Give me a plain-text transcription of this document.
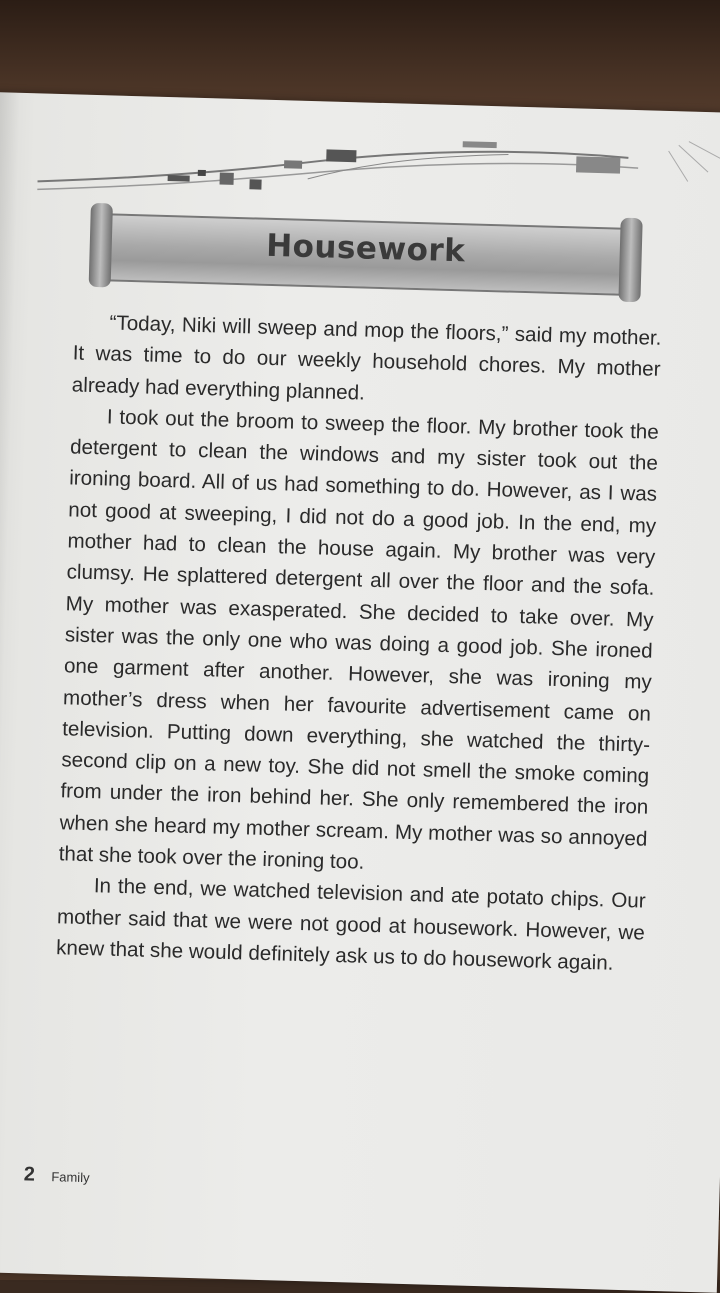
Housework

“Today, Niki will sweep and mop the floors,” said my mother. It was time to do our weekly household chores. My mother already had everything planned.

I took out the broom to sweep the floor. My brother took the detergent to clean the windows and my sister took out the ironing board. All of us had something to do. However, as I was not good at sweeping, I did not do a good job. In the end, my mother had to clean the house again. My brother was very clumsy. He splattered detergent all over the floor and the sofa. My mother was exasperated. She decided to take over. My sister was the only one who was doing a good job. She ironed one garment after another. However, she was ironing my mother’s dress when her favourite advertisement came on television. Putting down everything, she watched the thirty-second clip on a new toy. She did not smell the smoke coming from under the iron behind her. She only remembered the iron when she heard my mother scream. My mother was so annoyed that she took over the ironing too.

In the end, we watched television and ate potato chips. Our mother said that we were not good at housework. However, we knew that she would definitely ask us to do housework again.

2 Family
